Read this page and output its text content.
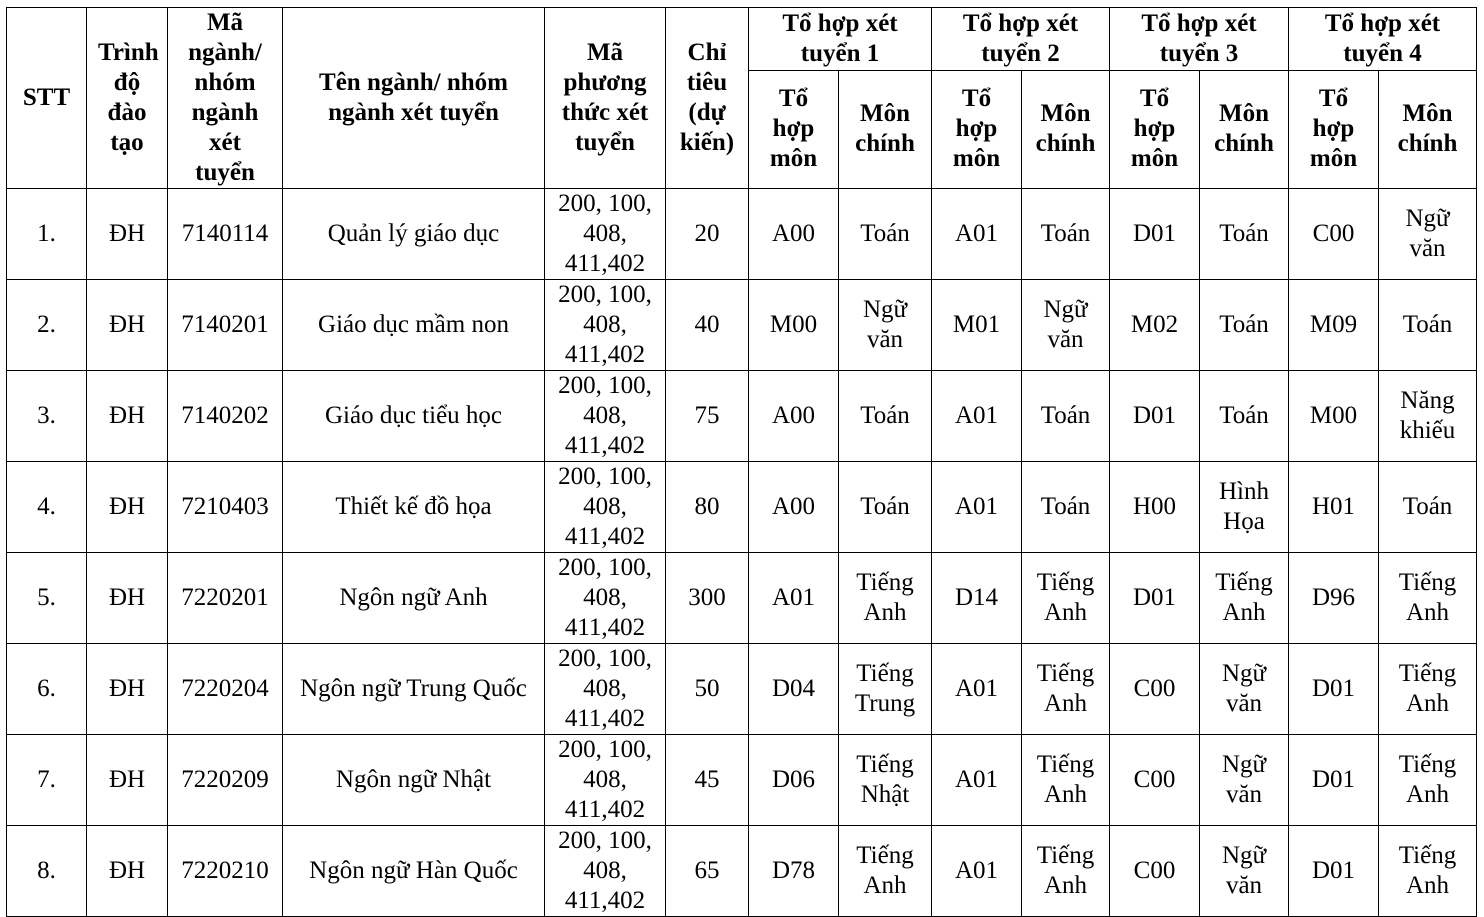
STT	Trình độ đào tạo	Mã ngành/ nhóm ngành xét tuyển	Tên ngành/ nhóm ngành xét tuyển	Mã phương thức xét tuyển	Chỉ tiêu (dự kiến)	Tổ hợp xét tuyển 1		Tổ hợp xét tuyển 2		Tổ hợp xét tuyển 3		Tổ hợp xét tuyển 4	
						Tổ hợp môn	Môn chính	Tổ hợp môn	Môn chính	Tổ hợp môn	Môn chính	Tổ hợp môn	Môn chính
1.	ĐH	7140114	Quản lý giáo dục	200, 100, 408, 411,402	20	A00	Toán	A01	Toán	D01	Toán	C00	Ngữ văn
2.	ĐH	7140201	Giáo dục mầm non	200, 100, 408, 411,402	40	M00	Ngữ văn	M01	Ngữ văn	M02	Toán	M09	Toán
3.	ĐH	7140202	Giáo dục tiểu học	200, 100, 408, 411,402	75	A00	Toán	A01	Toán	D01	Toán	M00	Năng khiếu
4.	ĐH	7210403	Thiết kế đồ họa	200, 100, 408, 411,402	80	A00	Toán	A01	Toán	H00	Hình Họa	H01	Toán
5.	ĐH	7220201	Ngôn ngữ Anh	200, 100, 408, 411,402	300	A01	Tiếng Anh	D14	Tiếng Anh	D01	Tiếng Anh	D96	Tiếng Anh
6.	ĐH	7220204	Ngôn ngữ Trung Quốc	200, 100, 408, 411,402	50	D04	Tiếng Trung	A01	Tiếng Anh	C00	Ngữ văn	D01	Tiếng Anh
7.	ĐH	7220209	Ngôn ngữ Nhật	200, 100, 408, 411,402	45	D06	Tiếng Nhật	A01	Tiếng Anh	C00	Ngữ văn	D01	Tiếng Anh
8.	ĐH	7220210	Ngôn ngữ Hàn Quốc	200, 100, 408, 411,402	65	D78	Tiếng Anh	A01	Tiếng Anh	C00	Ngữ văn	D01	Tiếng Anh
